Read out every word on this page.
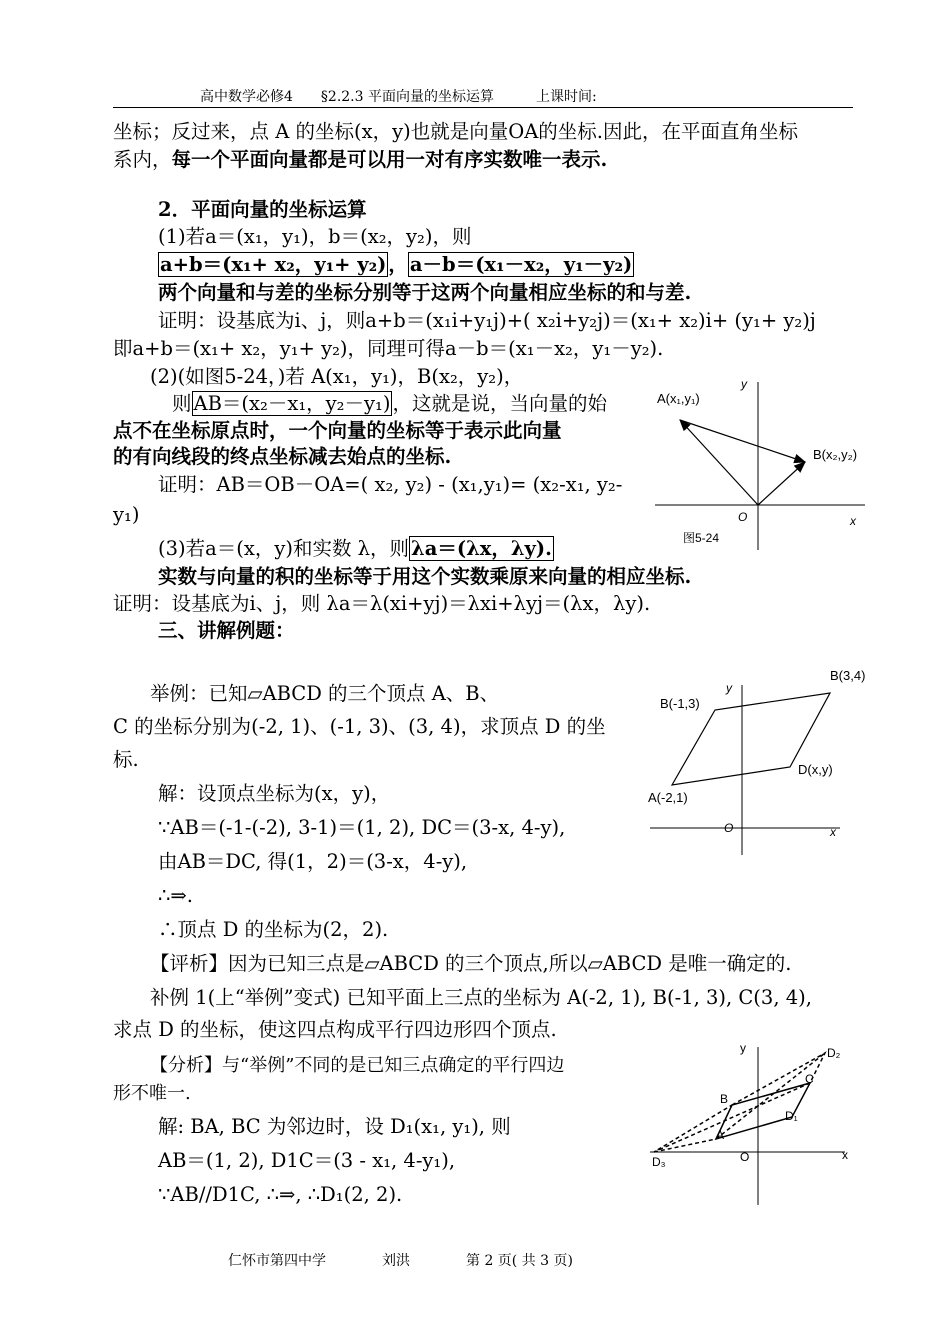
高中数学必修4　　§2.2.3 平面向量的坐标运算　　　上课时间:
坐标；反过来，点 A 的坐标(x，y)也就是向量OA的坐标.因此，在平面直角坐标
系内，每一个平面向量都是可以用一对有序实数唯一表示.
2．平面向量的坐标运算
(1)若a＝(x₁，y₁)，b＝(x₂，y₂)，则
a+b＝(x₁+ x₂，y₁+ y₂) ， a－b＝(x₁－x₂，y₁－y₂)
两个向量和与差的坐标分别等于这两个向量相应坐标的和与差.
证明：设基底为i、j，则a+b＝(x₁i+y₁j)+( x₂i+y₂j)＝(x₁+ x₂)i+ (y₁+ y₂)j
即a+b＝(x₁+ x₂，y₁+ y₂)，同理可得a－b＝(x₁－x₂，y₁－y₂).
(2)(如图5-24，)若 A(x₁，y₁)，B(x₂，y₂)，
则 AB＝(x₂－x₁，y₂－y₁) ，这就是说，当向量的始
点不在坐标原点时，一个向量的坐标等于表示此向量
的有向线段的终点坐标减去始点的坐标.
证明：AB＝OB－OA=( x₂, y₂) - (x₁,y₁)= (x₂-x₁, y₂-
y₁)
(3)若a＝(x，y)和实数 λ，则 λa＝(λx，λy).
实数与向量的积的坐标等于用这个实数乘原来向量的相应坐标.
证明：设基底为i、j，则 λa＝λ(xi+yj)＝λxi+λyj＝(λx，λy).
三、讲解例题：
举例：已知▱ABCD 的三个顶点 A、B、
C 的坐标分别为(-2, 1)、(-1, 3)、(3, 4)，求顶点 D 的坐
标.
解：设顶点坐标为(x，y)，
∵AB＝(-1-(-2), 3-1)＝(1, 2), DC＝(3-x, 4-y),
由AB＝DC, 得(1，2)＝(3-x，4-y),
∴⇒.
∴顶点 D 的坐标为(2，2).
【评析】因为已知三点是▱ABCD 的三个顶点,所以▱ABCD 是唯一确定的.
补例 1(上“举例”变式) 已知平面上三点的坐标为 A(-2, 1), B(-1, 3), C(3, 4),
求点 D 的坐标，使这四点构成平行四边形四个顶点.
【分析】与“举例”不同的是已知三点确定的平行四边
形不唯一.
解: BA, BC 为邻边时，设 D₁(x₁, y₁), 则
AB＝(1, 2), D1C＝(3 - x₁, 4-y₁),
∵AB//D1C, ∴⇒, ∴D₁(2, 2).
A(x₁,y₁)
B(x₂,y₂)
O	x
y
图5-24
B(-1,3)
B(3,4)
D(x,y)
A(-2,1)
O	x
y
B
A
C
D₁
D₂
D₃	O	x
y
仁怀市第四中学　　　　	刘洪　　　　	第 2 页( 共 3 页)
